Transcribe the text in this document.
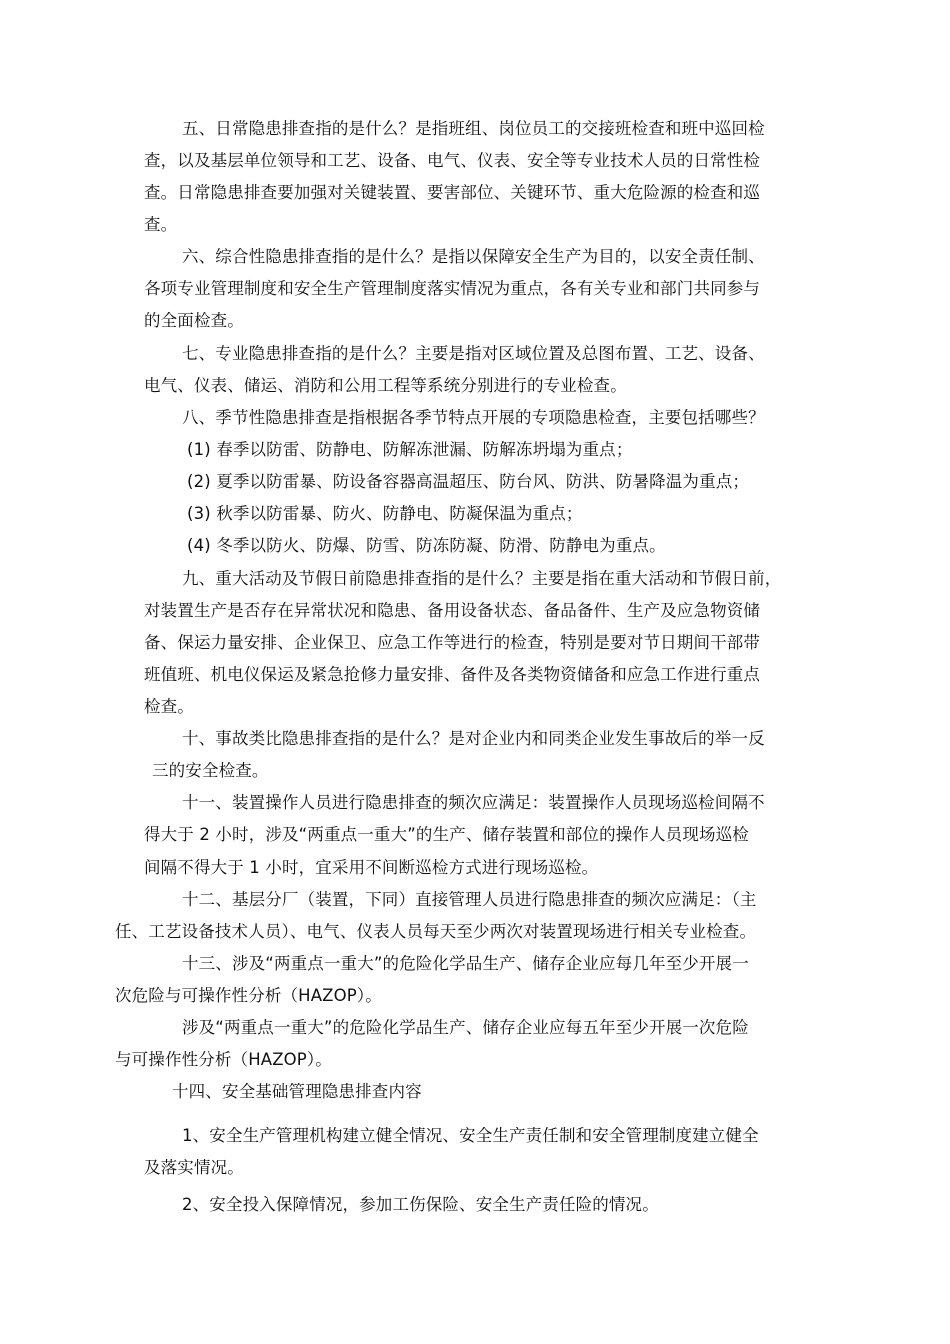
五、日常隐患排查指的是什么？是指班组、岗位员工的交接班检查和班中巡回检

查，以及基层单位领导和工艺、设备、电气、仪表、安全等专业技术人员的日常性检

查。日常隐患排查要加强对关键装置、要害部位、关键环节、重大危险源的检查和巡

查。

六、综合性隐患排查指的是什么？是指以保障安全生产为目的，以安全责任制、

各项专业管理制度和安全生产管理制度落实情况为重点，各有关专业和部门共同参与

的全面检查。

七、专业隐患排查指的是什么？主要是指对区域位置及总图布置、工艺、设备、

电气、仪表、储运、消防和公用工程等系统分别进行的专业检查。

八、季节性隐患排查是指根据各季节特点开展的专项隐患检查，主要包括哪些？

(1) 春季以防雷、防静电、防解冻泄漏、防解冻坍塌为重点；

(2) 夏季以防雷暴、防设备容器高温超压、防台风、防洪、防暑降温为重点；

(3) 秋季以防雷暴、防火、防静电、防凝保温为重点；

(4) 冬季以防火、防爆、防雪、防冻防凝、防滑、防静电为重点。

九、重大活动及节假日前隐患排查指的是什么？主要是指在重大活动和节假日前，

对装置生产是否存在异常状况和隐患、备用设备状态、备品备件、生产及应急物资储

备、保运力量安排、企业保卫、应急工作等进行的检查，特别是要对节日期间干部带

班值班、机电仪保运及紧急抢修力量安排、备件及各类物资储备和应急工作进行重点

检查。

十、事故类比隐患排查指的是什么？是对企业内和同类企业发生事故后的举一反

三的安全检查。

十一、装置操作人员进行隐患排查的频次应满足：装置操作人员现场巡检间隔不

得大于 2 小时，涉及“两重点一重大”的生产、储存装置和部位的操作人员现场巡检

间隔不得大于 1 小时，宜采用不间断巡检方式进行现场巡检。

十二、基层分厂（装置，下同）直接管理人员进行隐患排查的频次应满足：（主

任、工艺设备技术人员）、电气、仪表人员每天至少两次对装置现场进行相关专业检查。

十三、涉及“两重点一重大”的危险化学品生产、储存企业应每几年至少开展一

次危险与可操作性分析（HAZOP）。

涉及“两重点一重大”的危险化学品生产、储存企业应每五年至少开展一次危险

与可操作性分析（HAZOP）。

十四、安全基础管理隐患排查内容

1、安全生产管理机构建立健全情况、安全生产责任制和安全管理制度建立健全

及落实情况。

2、安全投入保障情况，参加工伤保险、安全生产责任险的情况。
